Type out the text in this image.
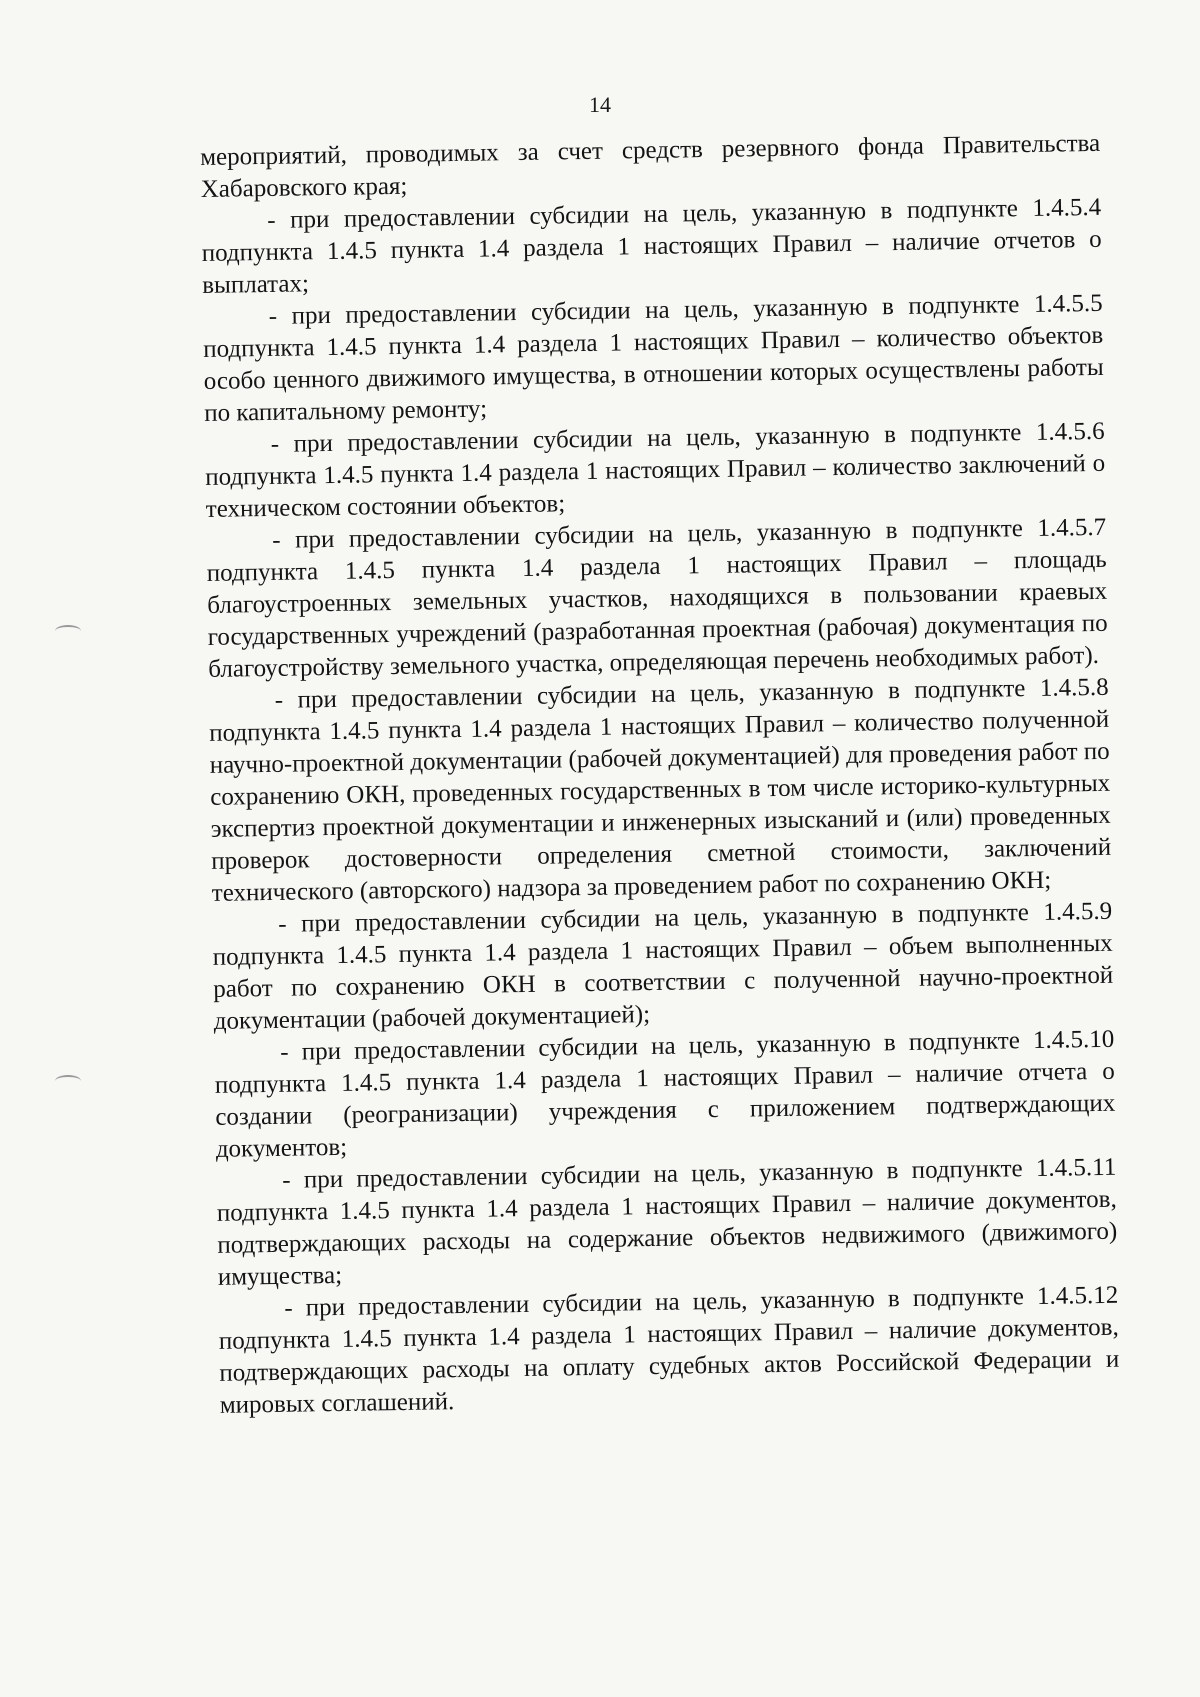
14

мероприятий, проводимых за счет средств резервного фонда Правительства Хабаровского края;

- при предоставлении субсидии на цель, указанную в подпункте 1.4.5.4 подпункта 1.4.5 пункта 1.4 раздела 1 настоящих Правил – наличие отчетов о выплатах;

- при предоставлении субсидии на цель, указанную в подпункте 1.4.5.5 подпункта 1.4.5 пункта 1.4 раздела 1 настоящих Правил – количество объектов особо ценного движимого имущества, в отношении которых осуществлены работы по капитальному ремонту;

- при предоставлении субсидии на цель, указанную в подпункте 1.4.5.6 подпункта 1.4.5 пункта 1.4 раздела 1 настоящих Правил – количество заключений о техническом состоянии объектов;

- при предоставлении субсидии на цель, указанную в подпункте 1.4.5.7 подпункта 1.4.5 пункта 1.4 раздела 1 настоящих Правил – площадь благоустроенных земельных участков, находящихся в пользовании краевых государственных учреждений (разработанная проектная (рабочая) документация по благоустройству земельного участка, определяющая перечень необходимых работ).

- при предоставлении субсидии на цель, указанную в подпункте 1.4.5.8 подпункта 1.4.5 пункта 1.4 раздела 1 настоящих Правил – количество полученной научно-проектной документации (рабочей документацией) для проведения работ по сохранению ОКН, проведенных государственных в том числе историко-культурных экспертиз проектной документации и инженерных изысканий и (или) проведенных проверок достоверности определения сметной стоимости, заключений технического (авторского) надзора за проведением работ по сохранению ОКН;

- при предоставлении субсидии на цель, указанную в подпункте 1.4.5.9 подпункта 1.4.5 пункта 1.4 раздела 1 настоящих Правил – объем выполненных работ по сохранению ОКН в соответствии с полученной научно-проектной документации (рабочей документацией);

- при предоставлении субсидии на цель, указанную в подпункте 1.4.5.10 подпункта 1.4.5 пункта 1.4 раздела 1 настоящих Правил – наличие отчета о создании (реогранизации) учреждения с приложением подтверждающих документов;

- при предоставлении субсидии на цель, указанную в подпункте 1.4.5.11 подпункта 1.4.5 пункта 1.4 раздела 1 настоящих Правил – наличие документов, подтверждающих расходы на содержание объектов недвижимого (движимого) имущества;

- при предоставлении субсидии на цель, указанную в подпункте 1.4.5.12 подпункта 1.4.5 пункта 1.4 раздела 1 настоящих Правил – наличие документов, подтверждающих расходы на оплату судебных актов Российской Федерации и мировых соглашений.
